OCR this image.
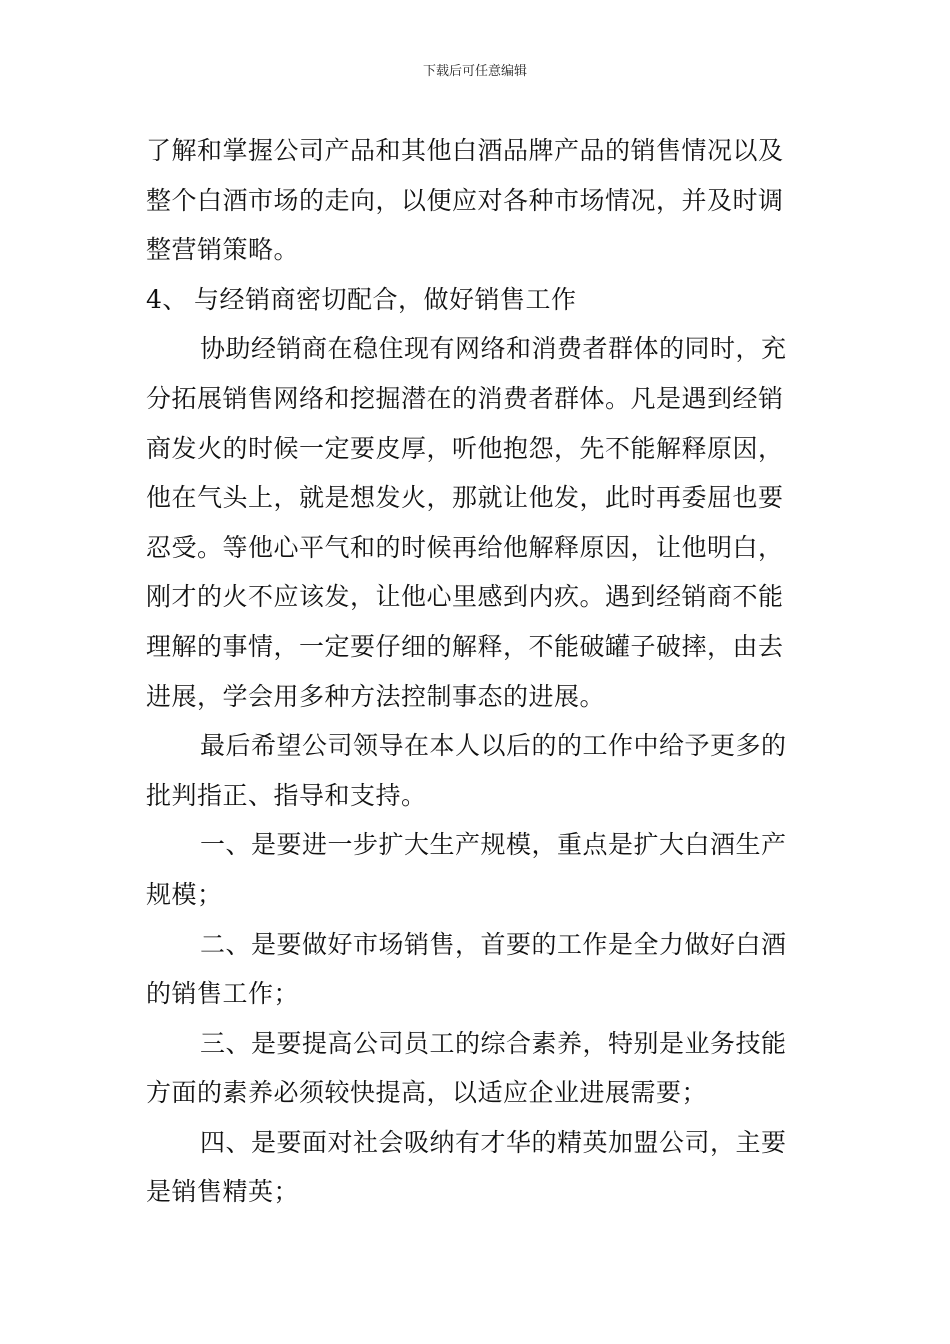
下载后可任意编辑

了解和掌握公司产品和其他白酒品牌产品的销售情况以及整个白酒市场的走向，以便应对各种市场情况，并及时调整营销策略。

4、 与经销商密切配合，做好销售工作

协助经销商在稳住现有网络和消费者群体的同时，充分拓展销售网络和挖掘潜在的消费者群体。凡是遇到经销商发火的时候一定要皮厚，听他抱怨，先不能解释原因，他在气头上，就是想发火，那就让他发，此时再委屈也要忍受。等他心平气和的时候再给他解释原因，让他明白，刚才的火不应该发，让他心里感到内疚。遇到经销商不能理解的事情，一定要仔细的解释，不能破罐子破摔，由去进展，学会用多种方法控制事态的进展。

最后希望公司领导在本人以后的的工作中给予更多的批判指正、指导和支持。

一、是要进一步扩大生产规模，重点是扩大白酒生产规模；

二、是要做好市场销售，首要的工作是全力做好白酒的销售工作；

三、是要提高公司员工的综合素养，特别是业务技能方面的素养必须较快提高，以适应企业进展需要；

四、是要面对社会吸纳有才华的精英加盟公司，主要是销售精英；
